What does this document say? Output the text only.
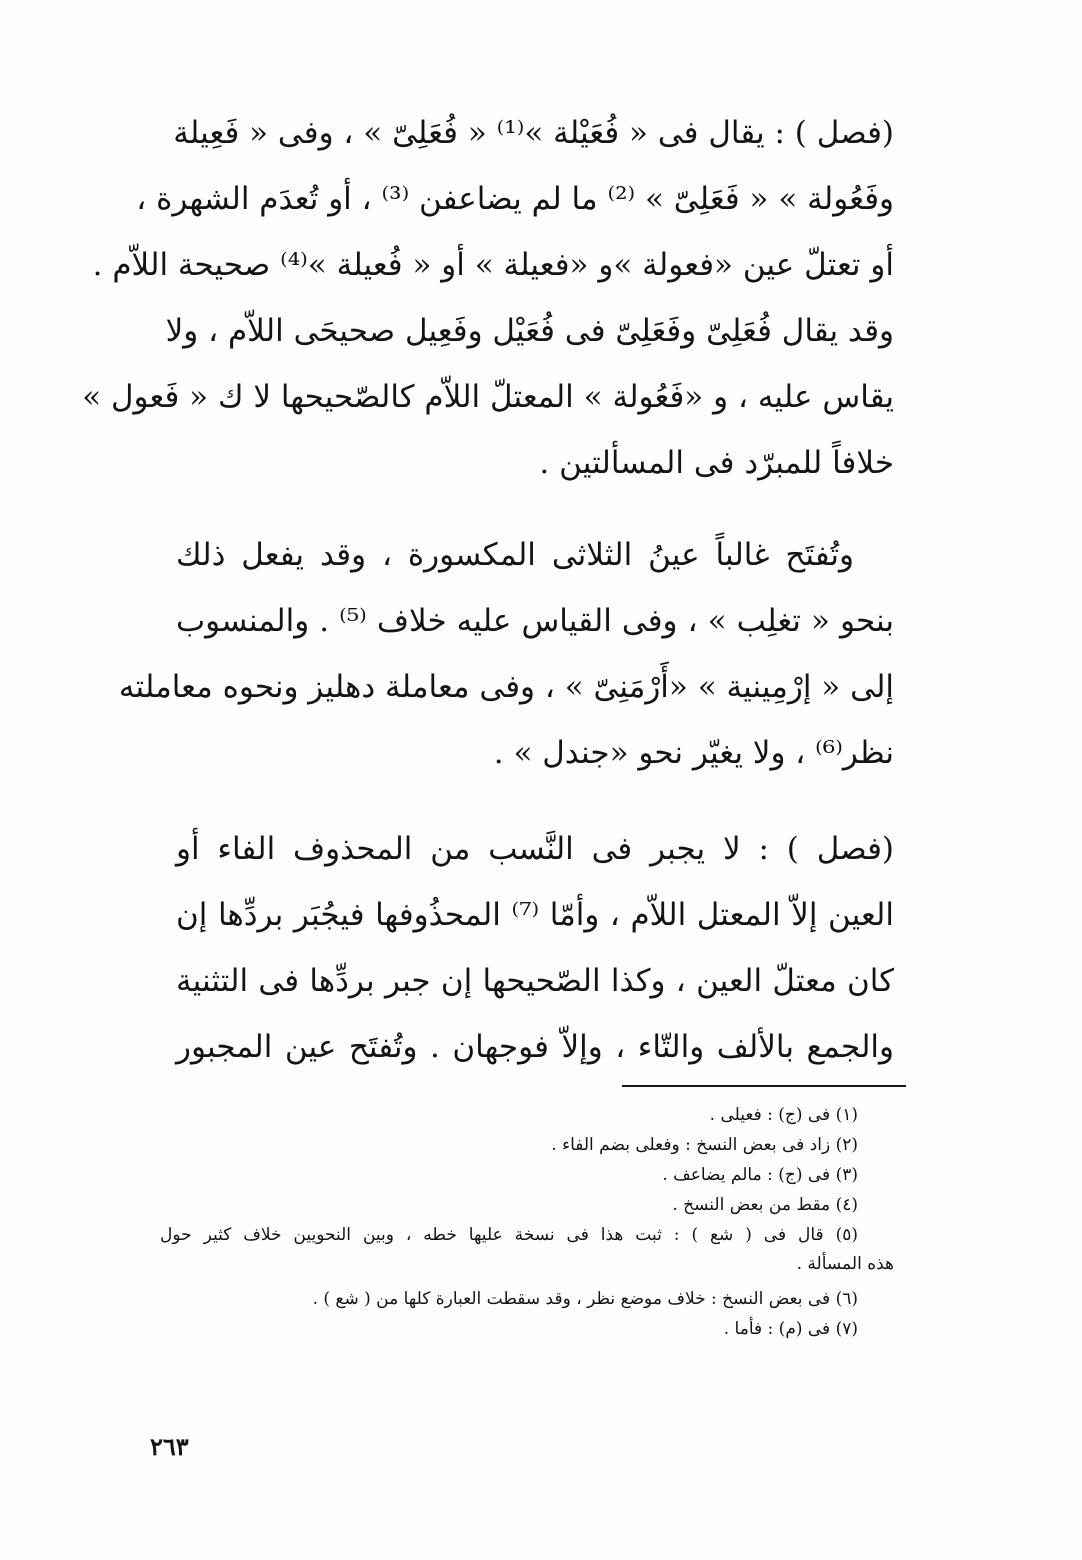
(فصل ) : يقال فى « فُعَيْلة »⁽¹⁾ « فُعَلِىّ » ، وفى « فَعِيلة
وفَعُولة » « فَعَلِىّ » ⁽²⁾ ما لم يضاعفن ⁽³⁾ ، أو تُعدَم الشهرة ،
أو تعتلّ عين «فعولة »و «فعيلة » أو « فُعيلة »⁽⁴⁾ صحيحة اللاّم .
وقد يقال فُعَلِىّ وفَعَلِىّ فى فُعَيْل وفَعِيل صحيحَى اللاّم ، ولا
يقاس عليه ، و «فَعُولة » المعتلّ اللاّم كالصّحيحها لا ك « فَعول »
خلافاً للمبرّد فى المسألتين .
وتُفتَح غالباً عينُ الثلاثى المكسورة ، وقد يفعل ذلك
بنحو « تغلِب » ، وفى القياس عليه خلاف ⁽⁵⁾ . والمنسوب
إلى « إرْمِينية » «أَرْمَنِىّ » ، وفى معاملة دهليز ونحوه معاملته
نظر⁽⁶⁾ ، ولا يغيّر نحو «جندل » .
(فصل ) : لا يجبر فى النَّسب من المحذوف الفاء أو
العين إلاّ المعتل اللاّم ، وأمّا ⁽⁷⁾ المحذُوفها فيجُبَر بردِّها إن
كان معتلّ العين ، وكذا الصّحيحها إن جبر بردِّها فى التثنية
والجمع بالألف والتّاء ، وإلاّ فوجهان . وتُفتَح عين المجبور
(١) فى (ج) : فعيلى .
(٢) زاد فى بعض النسخ : وفعلى بضم الفاء .
(٣) فى (ج) : مالم يضاعف .
(٤) مقط من بعض النسخ .
(٥) قال فى ( شع ) : ثبت هذا فى نسخة عليها خطه ، وبين النحويين خلاف كثير حول
هذه المسألة .
(٦) فى بعض النسخ : خلاف موضع نظر ، وقد سقطت العبارة كلها من ( شع ) .
(٧) فى (م) : فأما .
٢٦٣
